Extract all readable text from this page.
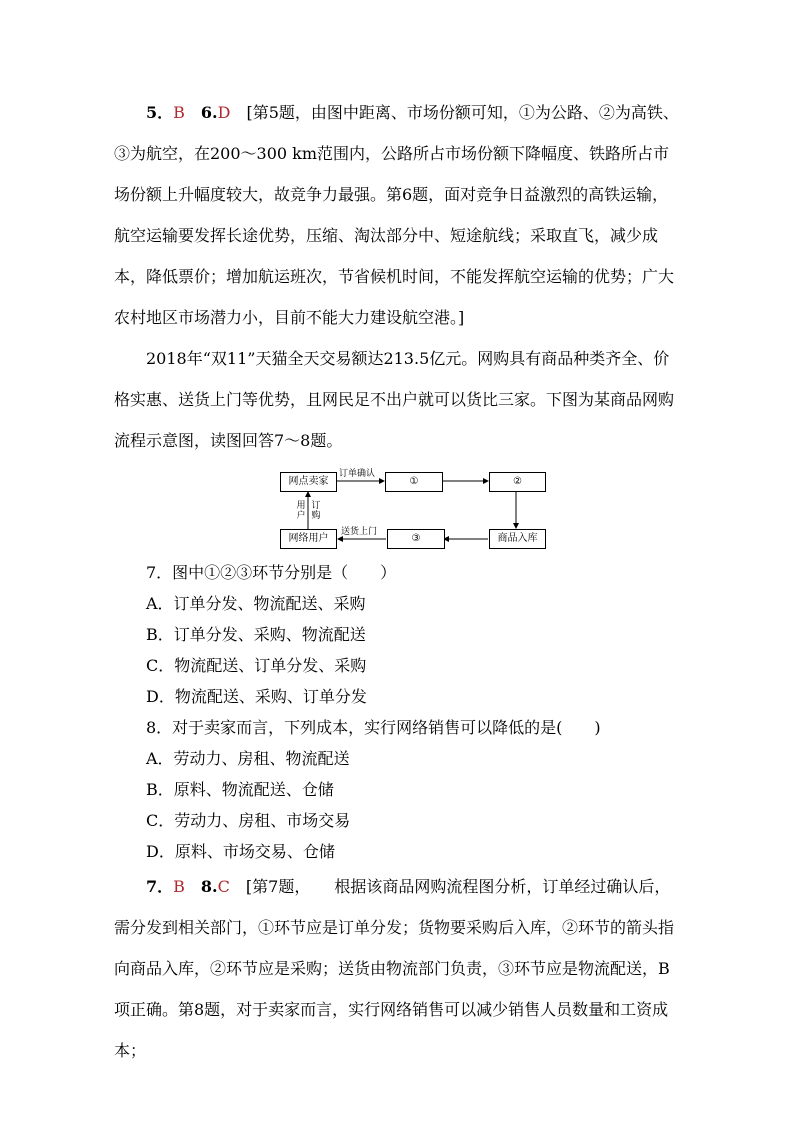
5．B　 6.D　 [第5题，由图中距离、市场份额可知，①为公路、②为高铁、③为航空，在200～300 km范围内，公路所占市场份额下降幅度、铁路所占市场份额上升幅度较大，故竞争力最强。第6题，面对竞争日益激烈的高铁运输，航空运输要发挥长途优势，压缩、淘汰部分中、短途航线；采取直飞，减少成本，降低票价；增加航运班次，节省候机时间，不能发挥航空运输的优势；广大农村地区市场潜力小，目前不能大力建设航空港。]

2018年“双11”天猫全天交易额达213.5亿元。网购具有商品种类齐全、价格实惠、送货上门等优势，且网民足不出户就可以货比三家。下图为某商品网购流程示意图，读图回答7～8题。

网点卖家	①	②
商品入库
③
网络用户
订单确认
送货上门
用户
订购
7．图中①②③环节分别是（　　）
A．订单分发、物流配送、采购
B．订单分发、采购、物流配送
C．物流配送、订单分发、采购
D．物流配送、采购、订单分发
8．对于卖家而言，下列成本，实行网络销售可以降低的是(　　)
A．劳动力、房租、物流配送
B．原料、物流配送、仓储
C．劳动力、房租、市场交易
D．原料、市场交易、仓储

7．B　 8.C　 [第7题，　　根据该商品网购流程图分析，订单经过确认后，需分发到相关部门，①环节应是订单分发；货物要采购后入库，②环节的箭头指向商品入库，②环节应是采购；送货由物流部门负责，③环节应是物流配送，B项正确。第8题，对于卖家而言，实行网络销售可以减少销售人员数量和工资成本；
